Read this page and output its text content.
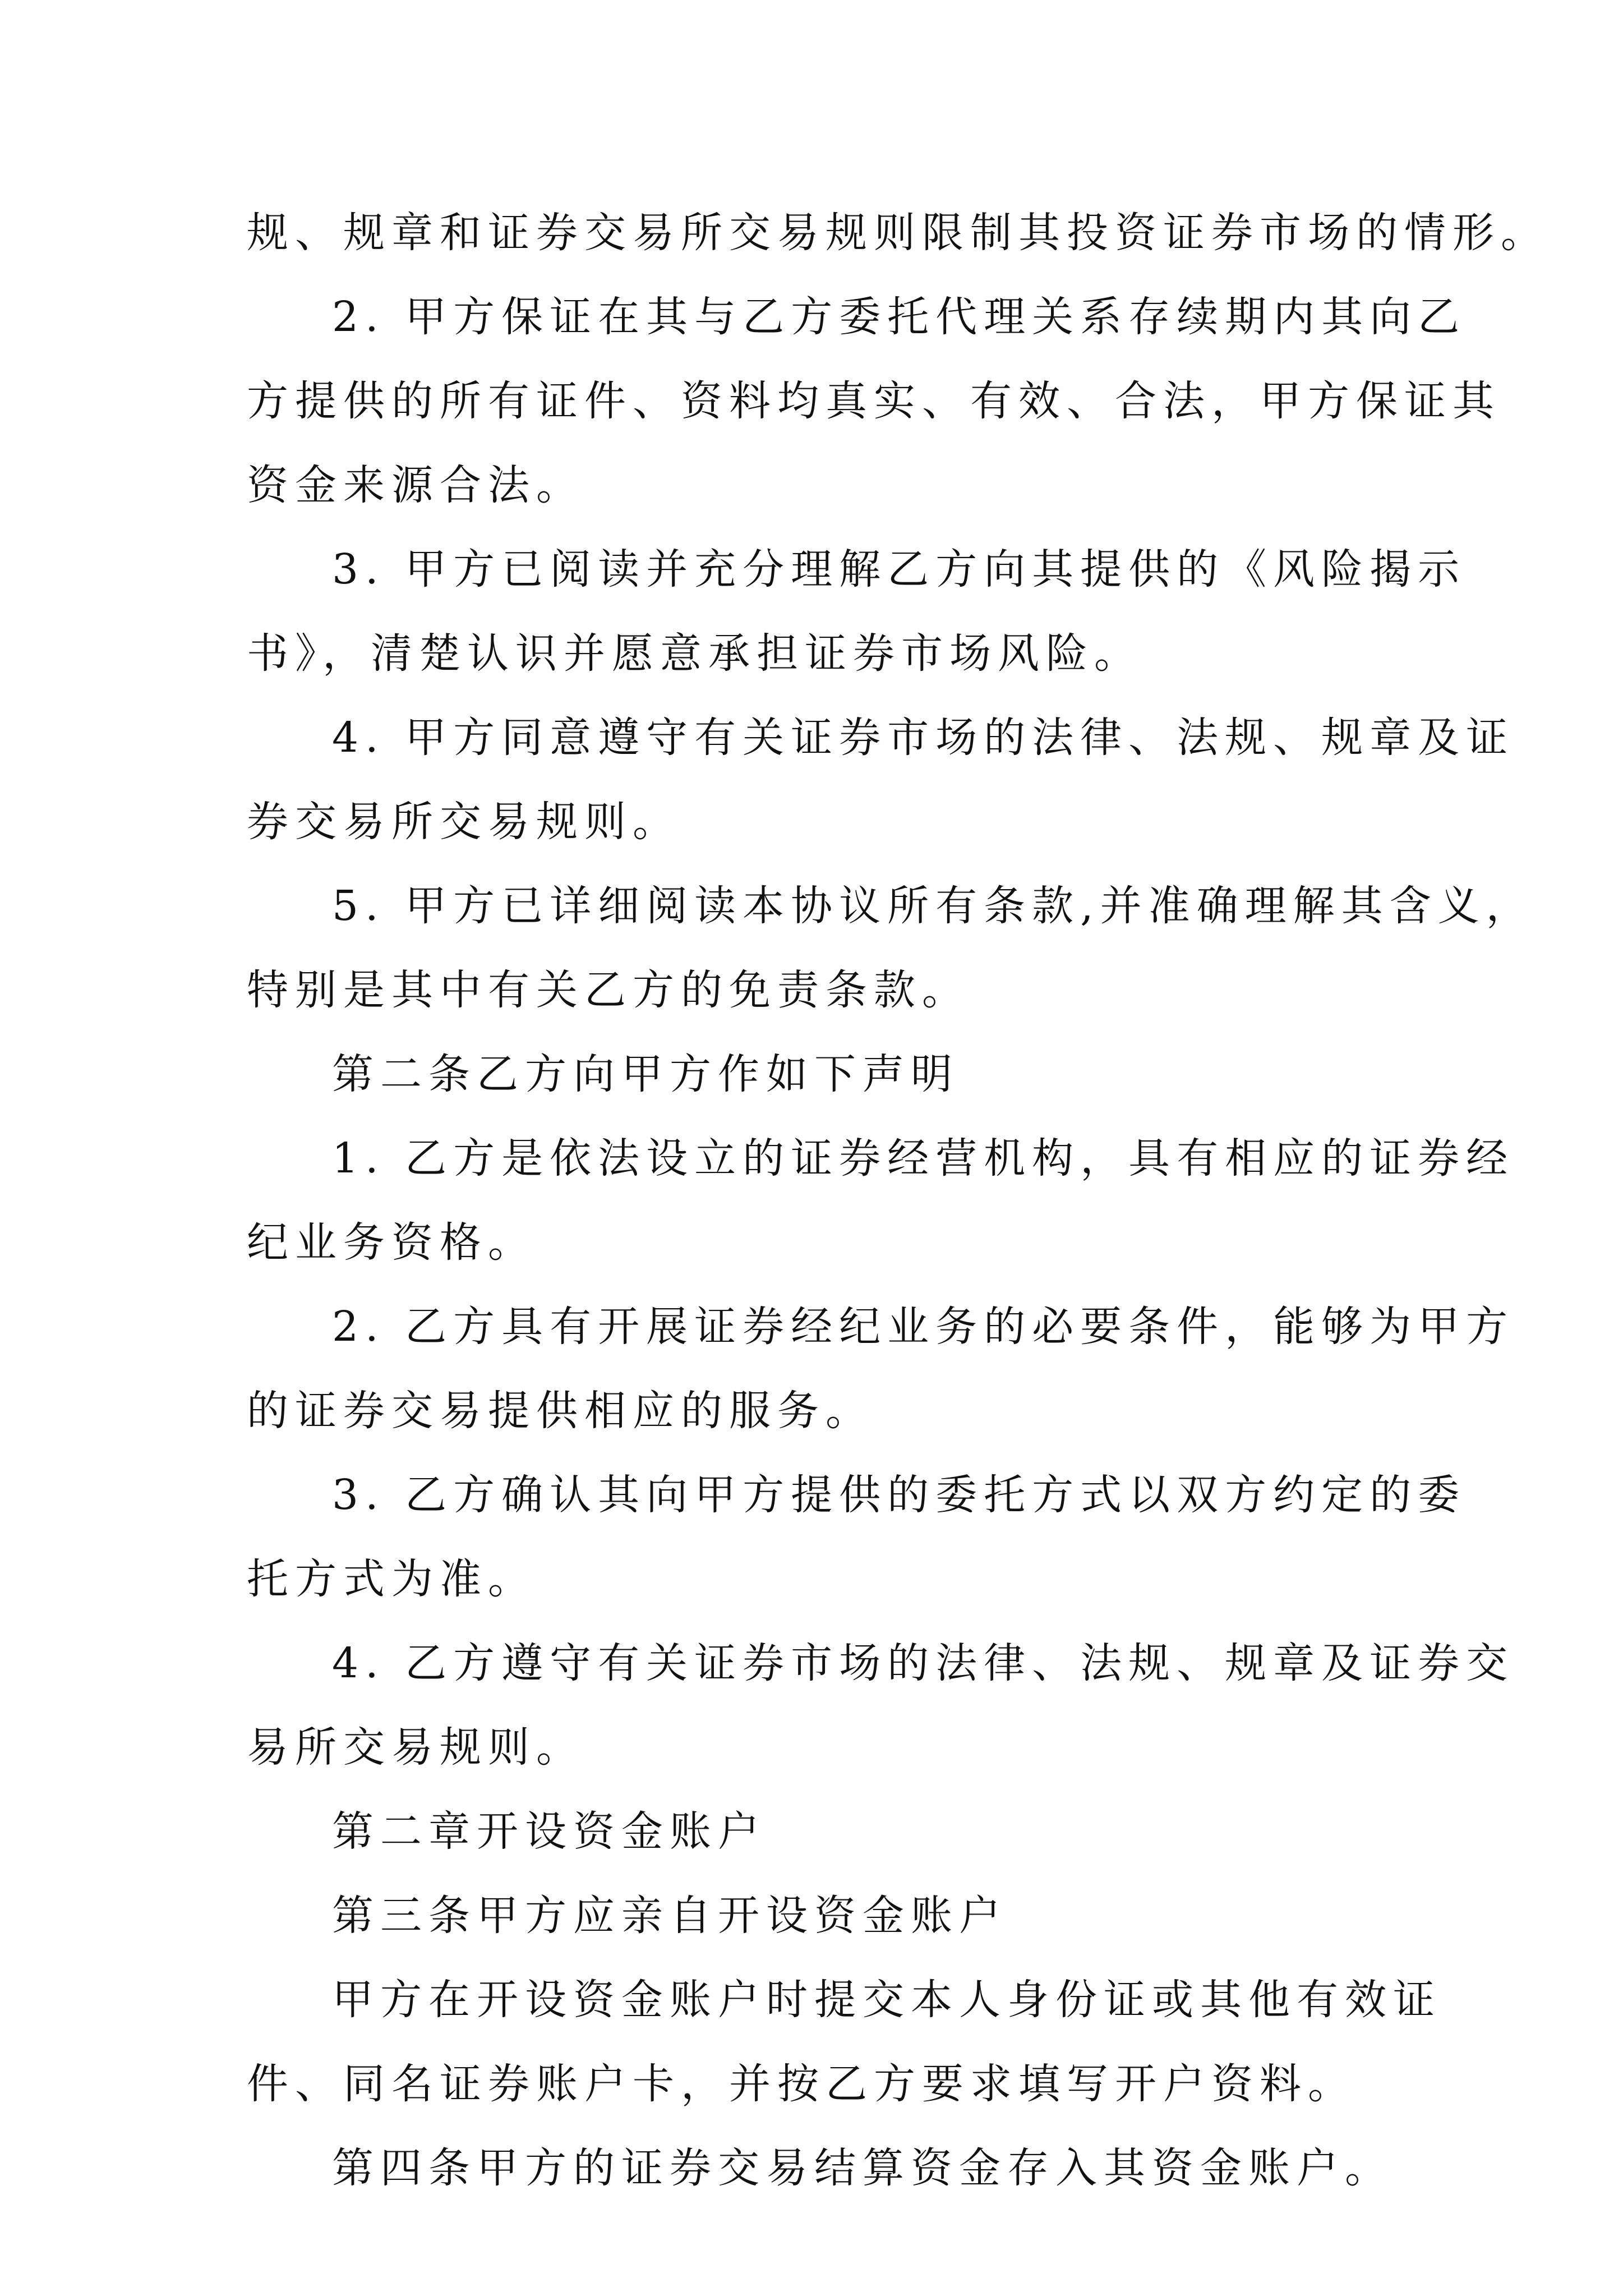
规、规章和证券交易所交易规则限制其投资证券市场的情形。

2. 甲方保证在其与乙方委托代理关系存续期内其向乙
方提供的所有证件、资料均真实、有效、合法，甲方保证其
资金来源合法。

3. 甲方已阅读并充分理解乙方向其提供的《风险揭示
书》，清楚认识并愿意承担证券市场风险。

4. 甲方同意遵守有关证券市场的法律、法规、规章及证
券交易所交易规则。

5. 甲方已详细阅读本协议所有条款,并准确理解其含义，
特别是其中有关乙方的免责条款。

第二条乙方向甲方作如下声明

1. 乙方是依法设立的证券经营机构，具有相应的证券经
纪业务资格。

2. 乙方具有开展证券经纪业务的必要条件，能够为甲方
的证券交易提供相应的服务。

3. 乙方确认其向甲方提供的委托方式以双方约定的委
托方式为准。

4. 乙方遵守有关证券市场的法律、法规、规章及证券交
易所交易规则。

第二章开设资金账户

第三条甲方应亲自开设资金账户

甲方在开设资金账户时提交本人身份证或其他有效证
件、同名证券账户卡，并按乙方要求填写开户资料。

第四条甲方的证券交易结算资金存入其资金账户。
